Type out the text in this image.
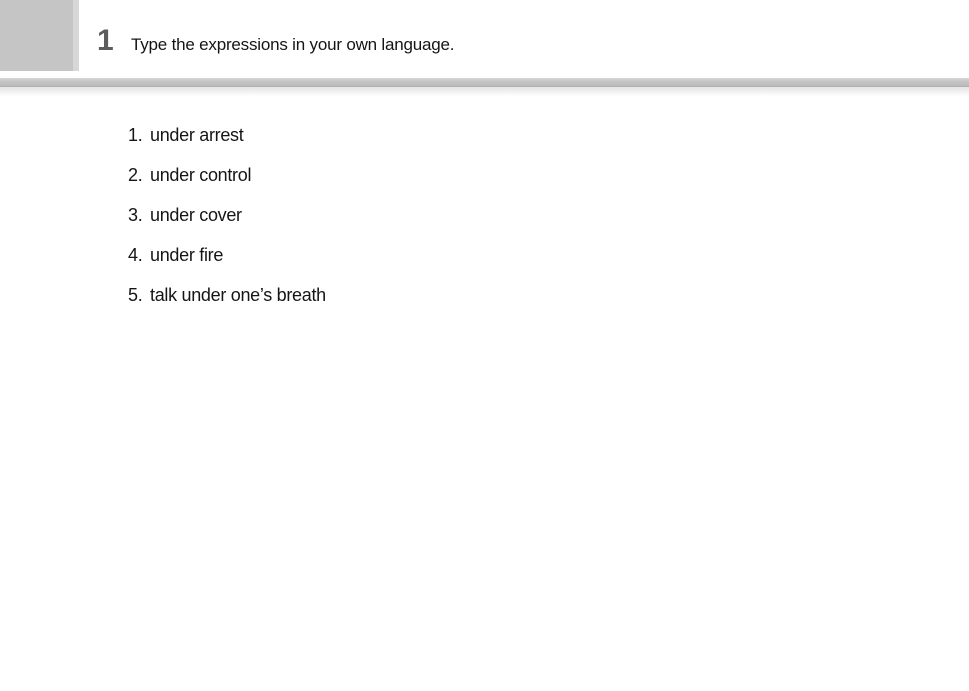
1 Type the expressions in your own language.
1. under arrest
2. under control
3. under cover
4. under fire
5. talk under one’s breath
